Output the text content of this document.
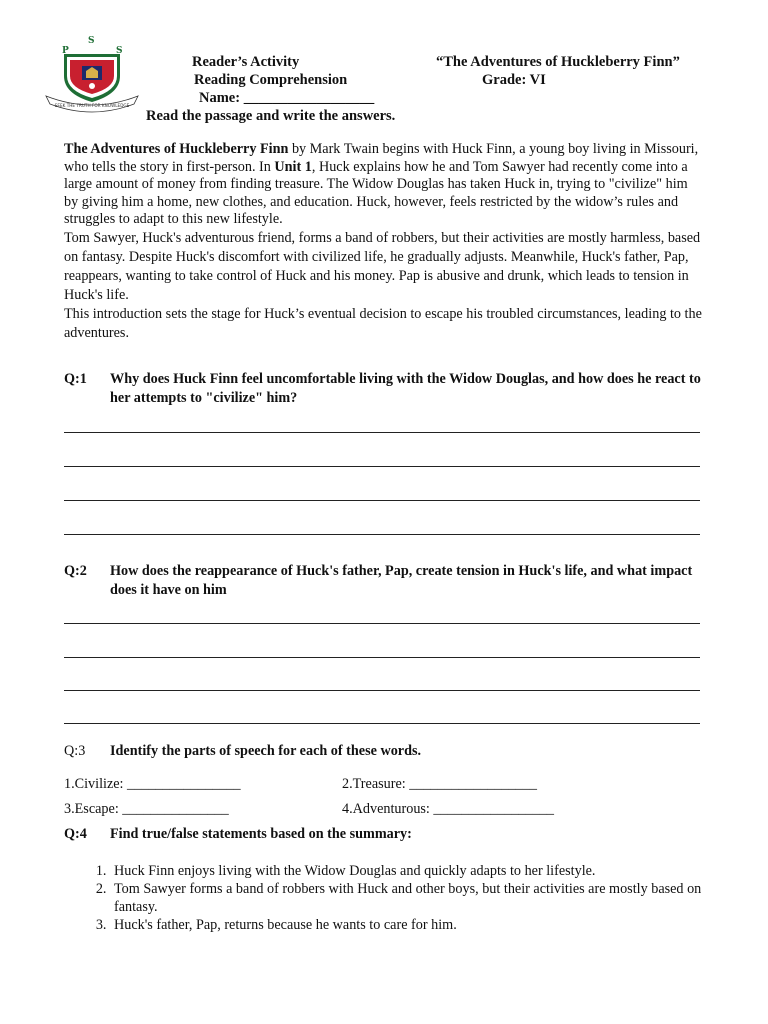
SEEK THE TRUTH FOR KNOWLEDGE
P
S
S
Reader’s Activity	“The Adventures of Huckleberry Finn”
Reading Comprehension	Grade: VI
Name: __________________
Read the passage and write the answers.

The Adventures of Huckleberry Finn by Mark Twain begins with Huck Finn, a young boy living in Missouri, who tells the story in first-person. In Unit 1, Huck explains how he and Tom Sawyer had recently come into a large amount of money from finding treasure. The Widow Douglas has taken Huck in, trying to "civilize" him by giving him a home, new clothes, and education. Huck, however, feels restricted by the widow’s rules and struggles to adapt to this new lifestyle.

Tom Sawyer, Huck's adventurous friend, forms a band of robbers, but their activities are mostly harmless, based on fantasy. Despite Huck's discomfort with civilized life, he gradually adjusts. Meanwhile, Huck's father, Pap, reappears, wanting to take control of Huck and his money. Pap is abusive and drunk, which leads to tension in Huck's life.

This introduction sets the stage for Huck’s eventual decision to escape his troubled circumstances, leading to the adventures.

Q:1 Why does Huck Finn feel uncomfortable living with the Widow Douglas, and how does he react to her attempts to "civilize" him?
Q:2 How does the reappearance of Huck's father, Pap, create tension in Huck's life, and what impact does it have on him
Q:3 Identify the parts of speech for each of these words.
1.Civilize: ________________	2.Treasure: __________________
3.Escape: _______________	4.Adventurous: _________________
Q:4 Find true/false statements based on the summary:
1. Huck Finn enjoys living with the Widow Douglas and quickly adapts to her lifestyle.
2. Tom Sawyer forms a band of robbers with Huck and other boys, but their activities are mostly based on fantasy.
3. Huck's father, Pap, returns because he wants to care for him.
